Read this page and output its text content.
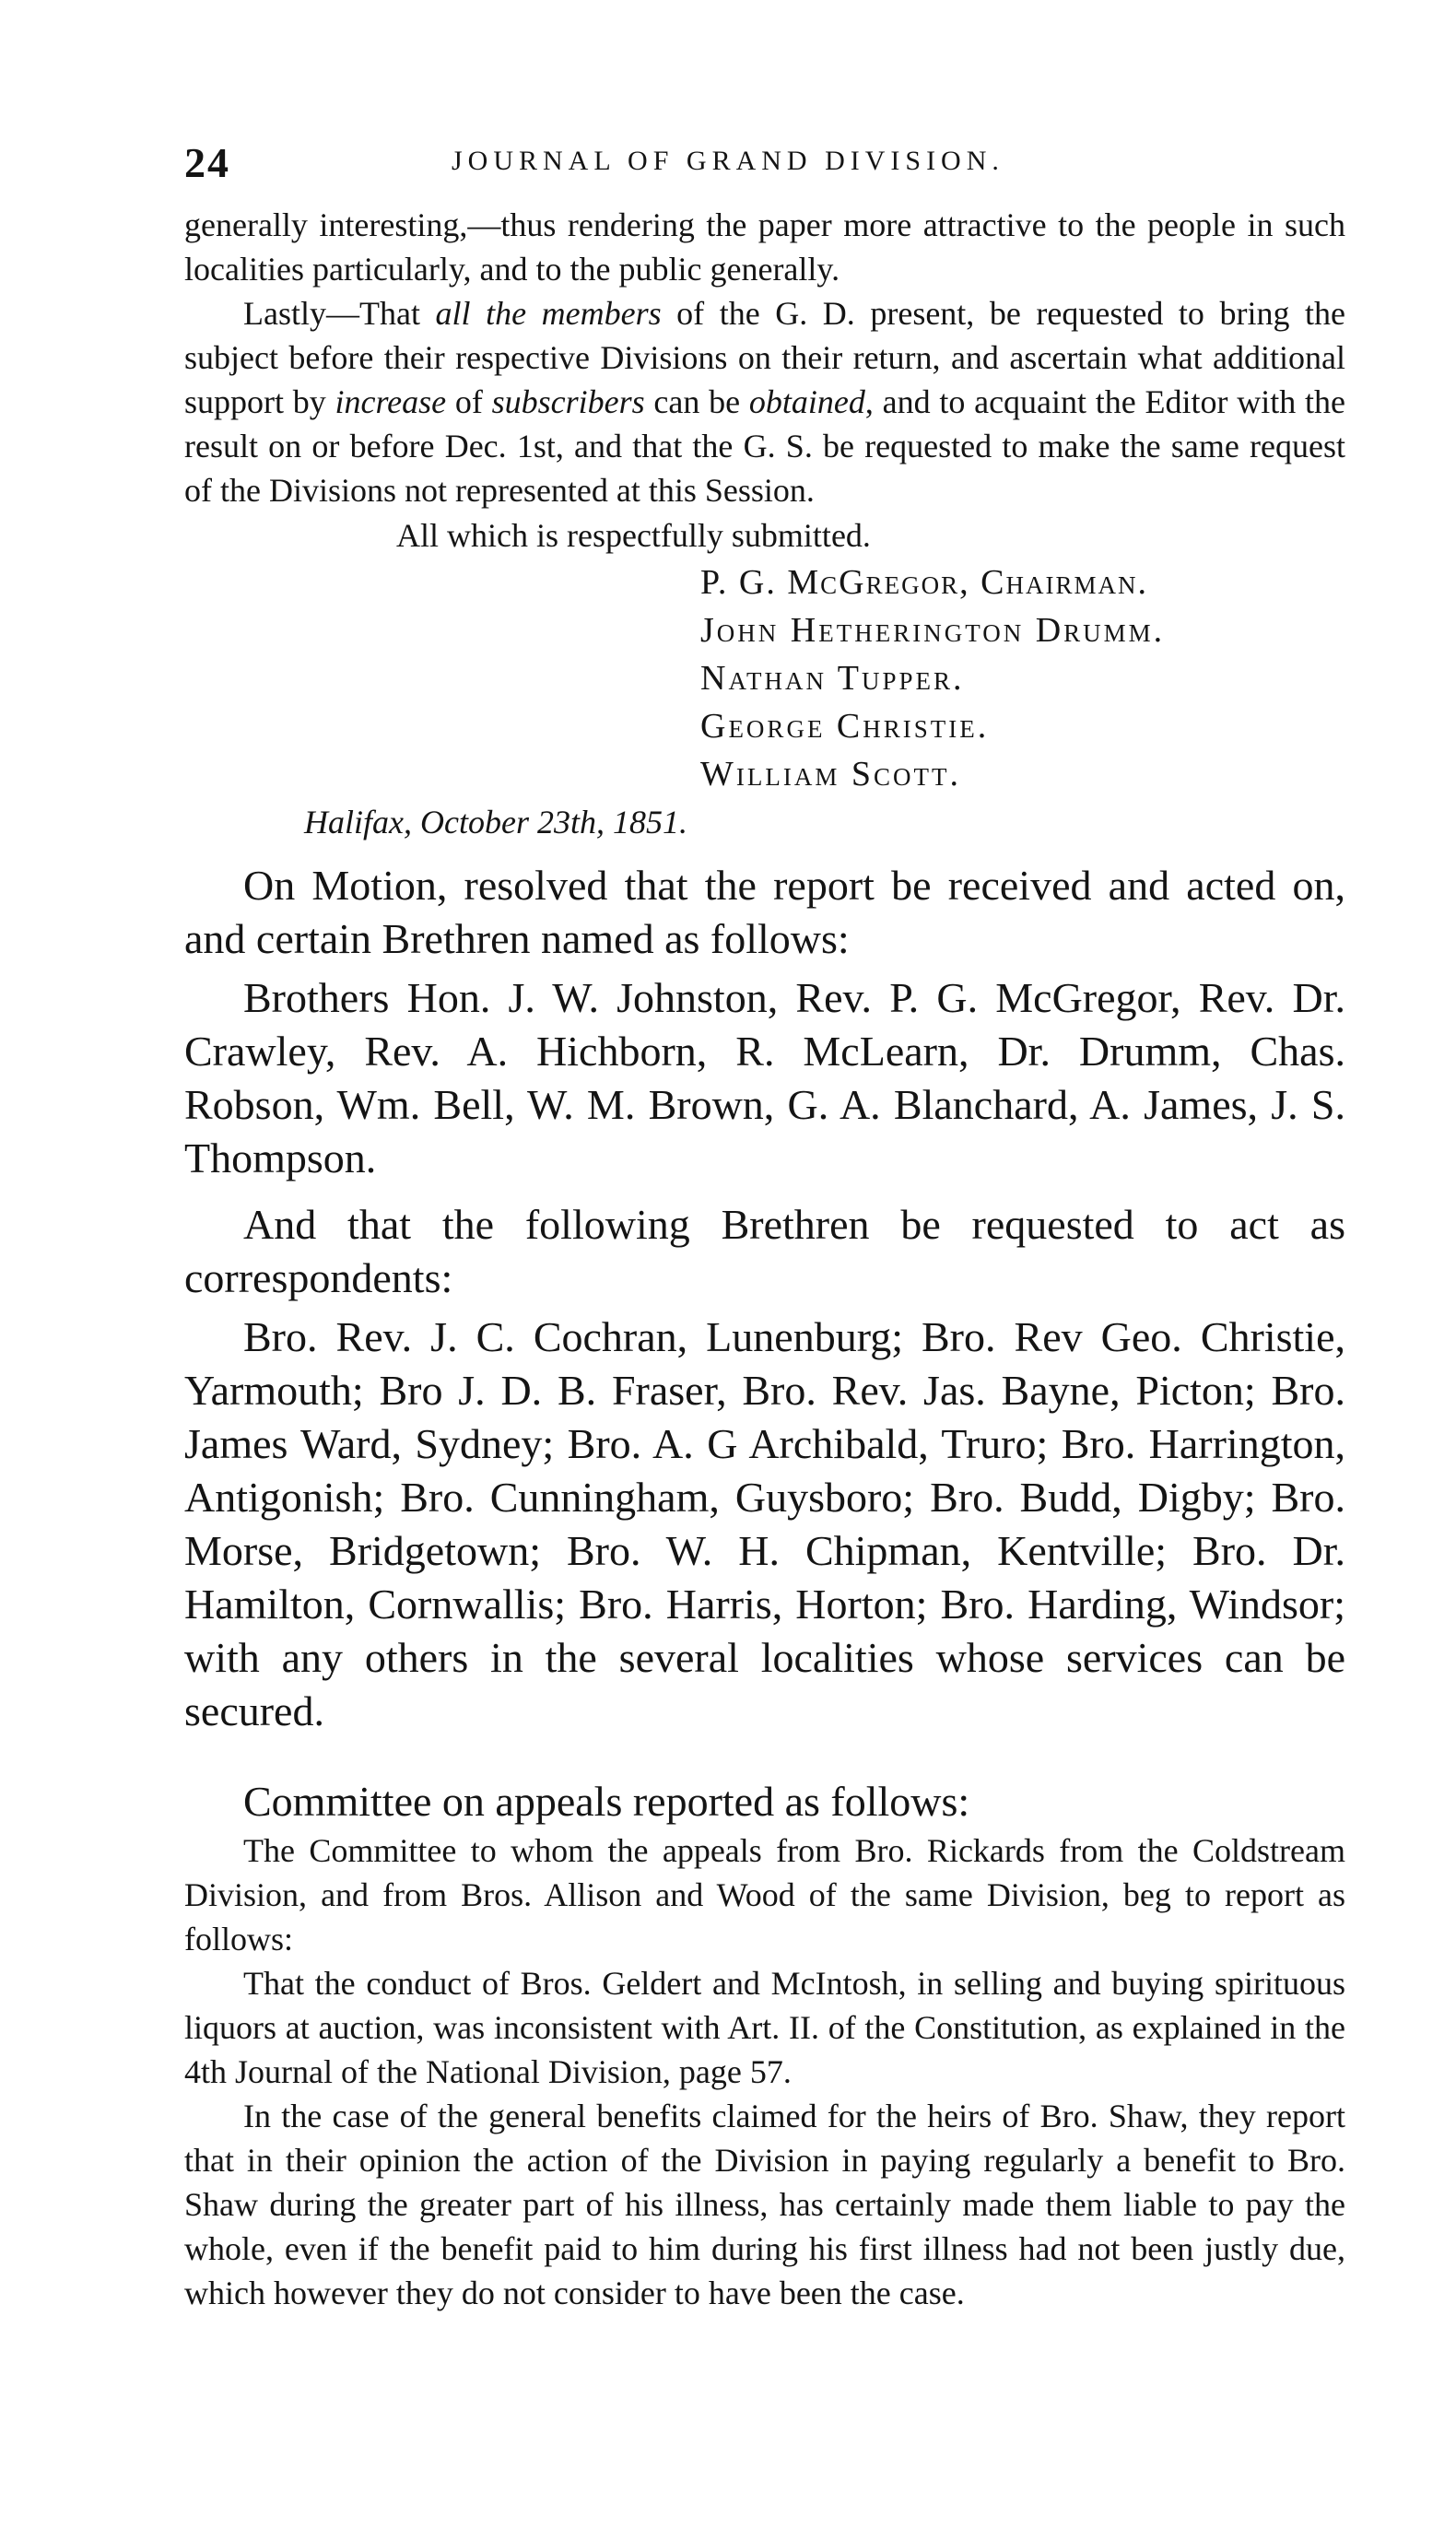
24	JOURNAL OF GRAND DIVISION.

generally interesting,—thus rendering the paper more attractive to the people in such localities particularly, and to the public generally.

Lastly—That all the members of the G. D. present, be requested to bring the subject before their respective Divisions on their return, and ascertain what additional support by increase of subscribers can be obtained, and to acquaint the Editor with the result on or before Dec. 1st, and that the G. S. be requested to make the same request of the Divisions not represented at this Session.

All which is respectfully submitted.

P. G. McGregor, Chairman.
John Hetherington Drumm.
Nathan Tupper.
George Christie.
William Scott.

Halifax, October 23th, 1851.

On Motion, resolved that the report be received and acted on, and certain Brethren named as follows:

Brothers Hon. J. W. Johnston, Rev. P. G. McGregor, Rev. Dr. Crawley, Rev. A. Hichborn, R. McLearn, Dr. Drumm, Chas. Robson, Wm. Bell, W. M. Brown, G. A. Blanchard, A. James, J. S. Thompson.

And that the following Brethren be requested to act as correspondents:

Bro. Rev. J. C. Cochran, Lunenburg; Bro. Rev Geo. Christie, Yarmouth; Bro J. D. B. Fraser, Bro. Rev. Jas. Bayne, Picton; Bro. James Ward, Sydney; Bro. A. G Archibald, Truro; Bro. Harrington, Antigonish; Bro. Cunningham, Guysboro; Bro. Budd, Digby; Bro. Morse, Bridgetown; Bro. W. H. Chipman, Kentville; Bro. Dr. Hamilton, Cornwallis; Bro. Harris, Horton; Bro. Harding, Windsor; with any others in the several localities whose services can be secured.

Committee on appeals reported as follows:

The Committee to whom the appeals from Bro. Rickards from the Coldstream Division, and from Bros. Allison and Wood of the same Division, beg to report as follows:

That the conduct of Bros. Geldert and McIntosh, in selling and buying spirituous liquors at auction, was inconsistent with Art. II. of the Constitution, as explained in the 4th Journal of the National Division, page 57.

In the case of the general benefits claimed for the heirs of Bro. Shaw, they report that in their opinion the action of the Division in paying regularly a benefit to Bro. Shaw during the greater part of his illness, has certainly made them liable to pay the whole, even if the benefit paid to him during his first illness had not been justly due, which however they do not consider to have been the case.
